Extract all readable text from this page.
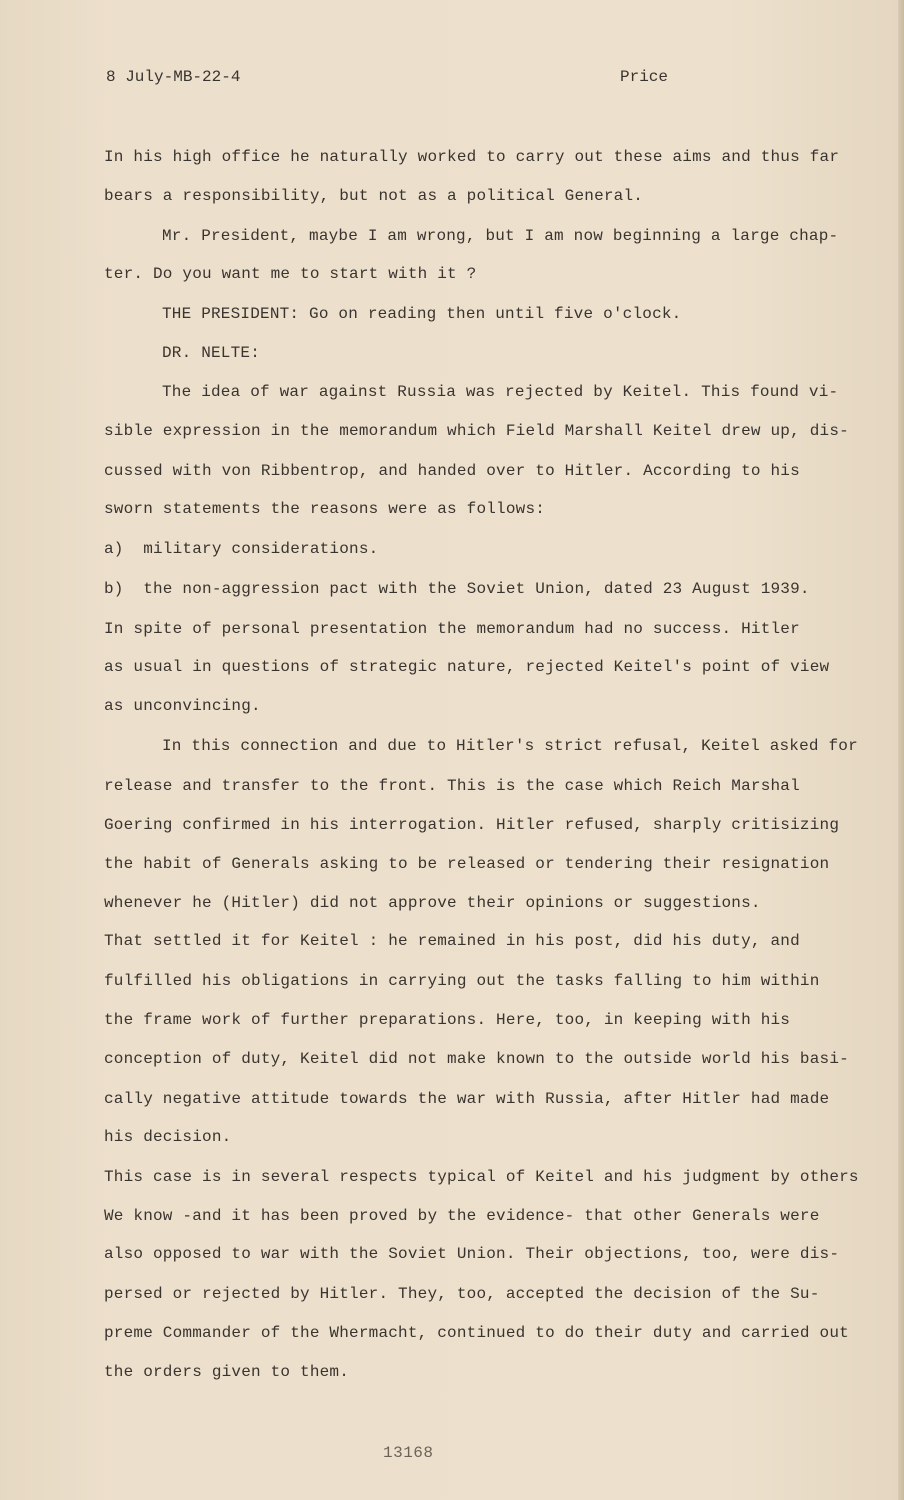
8 July-MB-22-4	Price
In his high office he naturally worked to carry out these aims and thus far
bears a responsibility, but not as a political General.
Mr. President, maybe I am wrong, but I am now beginning a large chap-
ter. Do you want me to start with it ?
THE PRESIDENT: Go on reading then until five o'clock.
DR. NELTE:
The idea of war against Russia was rejected by Keitel. This found vi-
sible expression in the memorandum which Field Marshall Keitel drew up, dis-
cussed with von Ribbentrop, and handed over to Hitler. According to his
sworn statements the reasons were as follows:
a)  military considerations.
b)  the non-aggression pact with the Soviet Union, dated 23 August 1939.
In spite of personal presentation the memorandum had no success. Hitler
as usual in questions of strategic nature, rejected Keitel's point of view
as unconvincing.
In this connection and due to Hitler's strict refusal, Keitel asked for
release and transfer to the front. This is the case which Reich Marshal
Goering confirmed in his interrogation. Hitler refused, sharply critisizing
the habit of Generals asking to be released or tendering their resignation
whenever he (Hitler) did not approve their opinions or suggestions.
That settled it for Keitel : he remained in his post, did his duty, and
fulfilled his obligations in carrying out the tasks falling to him within
the frame work of further preparations. Here, too, in keeping with his
conception of duty, Keitel did not make known to the outside world his basi-
cally negative attitude towards the war with Russia, after Hitler had made
his decision.
This case is in several respects typical of Keitel and his judgment by others
We know -and it has been proved by the evidence- that other Generals were
also opposed to war with the Soviet Union. Their objections, too, were dis-
persed or rejected by Hitler. They, too, accepted the decision of the Su-
preme Commander of the Whermacht, continued to do their duty and carried out
the orders given to them.
13168
